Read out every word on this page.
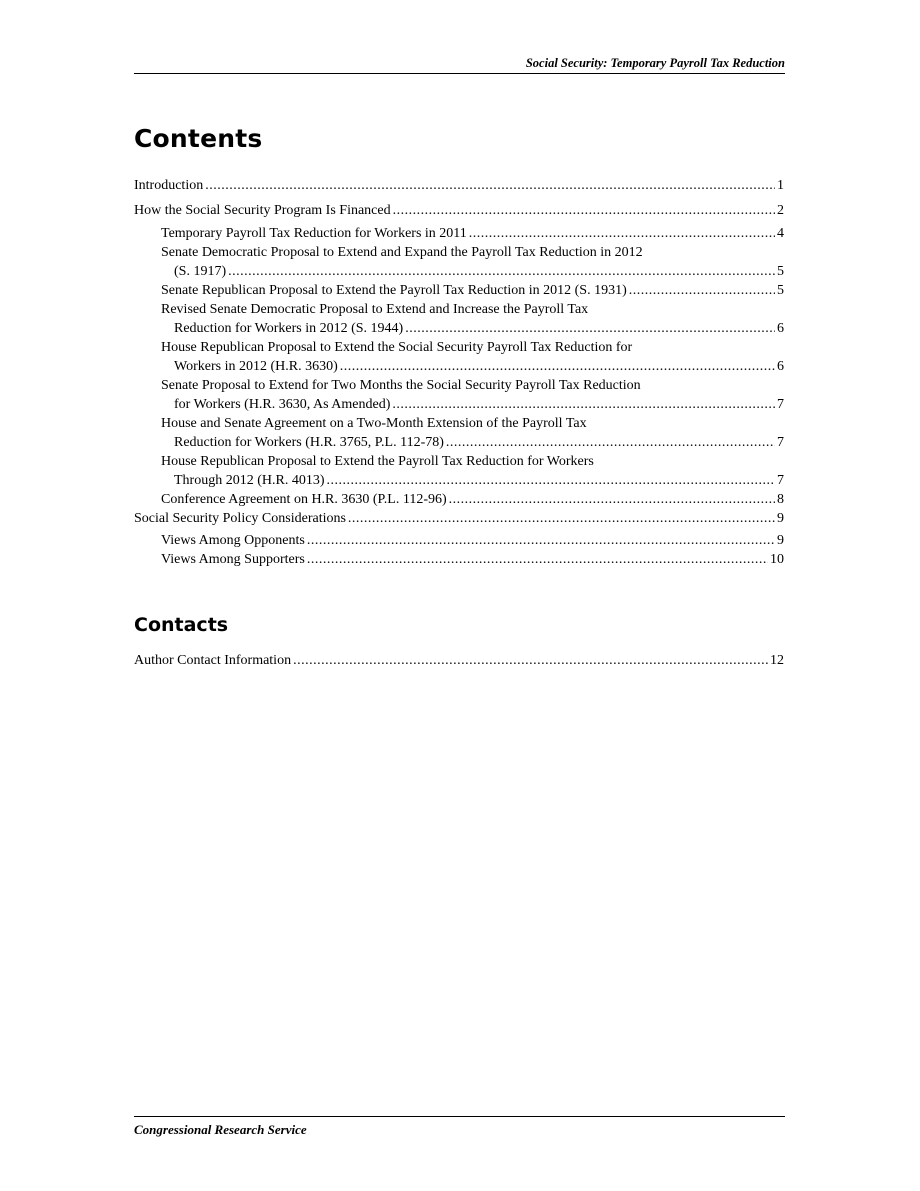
Social Security: Temporary Payroll Tax Reduction
Contents
Introduction .....	1
How the Social Security Program Is Financed .....	2
Temporary Payroll Tax Reduction for Workers in 2011 .....	4
Senate Democratic Proposal to Extend and Expand the Payroll Tax Reduction in 2012
(S. 1917) .....	5
Senate Republican Proposal to Extend the Payroll Tax Reduction in 2012 (S. 1931) .....	5
Revised Senate Democratic Proposal to Extend and Increase the Payroll Tax
Reduction for Workers in 2012 (S. 1944) .....	6
House Republican Proposal to Extend the Social Security Payroll Tax Reduction for
Workers in 2012 (H.R. 3630) .....	6
Senate Proposal to Extend for Two Months the Social Security Payroll Tax Reduction
for Workers (H.R. 3630, As Amended) .....	7
House and Senate Agreement on a Two-Month Extension of the Payroll Tax
Reduction for Workers (H.R. 3765, P.L. 112-78) .....	7
House Republican Proposal to Extend the Payroll Tax Reduction for Workers
Through 2012 (H.R. 4013) .....	7
Conference Agreement on H.R. 3630 (P.L. 112-96) .....	8
Social Security Policy Considerations .....	9
Views Among Opponents .....	9
Views Among Supporters .....	10
Contacts
Author Contact Information .....	12
Congressional Research Service
